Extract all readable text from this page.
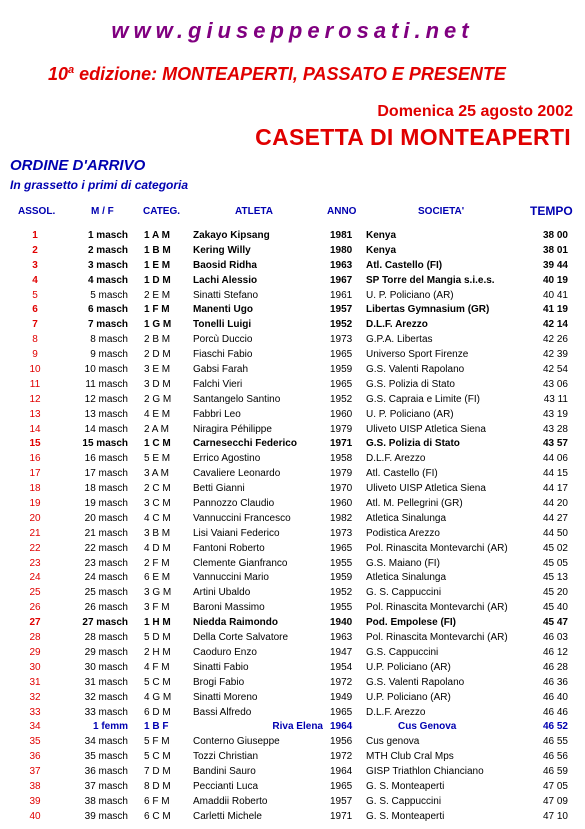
www.giusepperosati.net
10$^a$ edizione: MONTEAPERTI, PASSATO E PRESENTE
Domenica 25 agosto 2002
CASETTA DI MONTEAPERTI
ORDINE D'ARRIVO
In grassetto i primi di categoria
ASSOL.	M / F	CATEG.	ATLETA	ANNO	SOCIETA'	TEMPO
1	1 masch 1 A M	Zakayo Kipsang	1981	Kenya	38 00
2	2 masch 1 B M	Kering Willy	1980	Kenya	38 01
3	3 masch 1 E M	Baosid Ridha	1963	Atl. Castello (FI)	39 44
4	4 masch 1 D M	Lachi Alessio	1967	SP Torre del Mangia s.i.e.s.	40 19
5	5 masch 2 E M	Sinatti Stefano	1961	U. P. Policiano (AR)	40 41
6	6 masch 1 F M	Manenti Ugo	1957	Libertas Gymnasium (GR)	41 19
7	7 masch 1 G M	Tonelli Luigi	1952	D.L.F. Arezzo	42 14
8	8 masch 2 B M	Porcù Duccio	1973	G.P.A. Libertas	42 26
9	9 masch 2 D M	Fiaschi Fabio	1965	Universo Sport Firenze	42 39
10	10 masch 3 E M	Gabsi Farah	1959	G.S. Valenti Rapolano	42 54
11	11 masch 3 D M	Falchi Vieri	1965	G.S. Polizia di Stato	43 06
12	12 masch 2 G M	Santangelo Santino	1952	G.S. Capraia e Limite (FI)	43 11
13	13 masch 4 E M	Fabbri Leo	1960	U. P. Policiano (AR)	43 19
14	14 masch 2 A M	Niragira Péhilippe	1979	Uliveto UISP Atletica Siena	43 28
15	15 masch 1 C M	Carnesecchi Federico	1971	G.S. Polizia di Stato	43 57
16	16 masch 5 E M	Errico Agostino	1958	D.L.F. Arezzo	44 06
17	17 masch 3 A M	Cavaliere Leonardo	1979	Atl. Castello (FI)	44 15
18	18 masch 2 C M	Betti Gianni	1970	Uliveto UISP Atletica Siena	44 17
19	19 masch 3 C M	Pannozzo Claudio	1960	Atl. M. Pellegrini (GR)	44 20
20	20 masch 4 C M	Vannuccini Francesco	1982	Atletica Sinalunga	44 27
21	21 masch 3 B M	Lisi Vaiani Federico	1973	Podistica Arezzo	44 50
22	22 masch 4 D M	Fantoni Roberto	1965	Pol. Rinascita Montevarchi (AR)	45 02
23	23 masch 2 F M	Clemente Gianfranco	1955	G.S. Maiano (FI)	45 05
24	24 masch 6 E M	Vannuccini Mario	1959	Atletica Sinalunga	45 13
25	25 masch 3 G M	Artini Ubaldo	1952	G. S. Cappuccini	45 20
26	26 masch 3 F M	Baroni Massimo	1955	Pol. Rinascita Montevarchi (AR)	45 40
27	27 masch 1 H M	Niedda Raimondo	1940	Pod. Empolese (FI)	45 47
28	28 masch 5 D M	Della Corte Salvatore	1963	Pol. Rinascita Montevarchi (AR)	46 03
29	29 masch 2 H M	Caoduro Enzo	1947	G.S. Cappuccini	46 12
30	30 masch 4 F M	Sinatti Fabio	1954	U.P. Policiano (AR)	46 28
31	31 masch 5 C M	Brogi Fabio	1972	G.S. Valenti Rapolano	46 36
32	32 masch 4 G M	Sinatti Moreno	1949	U.P. Policiano (AR)	46 40
33	33 masch 6 D M	Bassi Alfredo	1965	D.L.F. Arezzo	46 46
34	1 femm 1 B F	Riva Elena 1964	Cus Genova	46 52
35	34 masch 5 F M	Conterno Giuseppe	1956	Cus genova	46 55
36	35 masch 5 C M	Tozzi Christian	1972	MTH Club Cral Mps	46 56
37	36 masch 7 D M	Bandini Sauro	1964	GISP Triathlon Chianciano	46 59
38	37 masch 8 D M	Peccianti Luca	1965	G. S. Monteaperti	47 05
39	38 masch 6 F M	Amaddii Roberto	1957	G. S. Cappuccini	47 09
40	39 masch 6 C M	Carletti Michele	1971	G. S. Monteaperti	47 10
